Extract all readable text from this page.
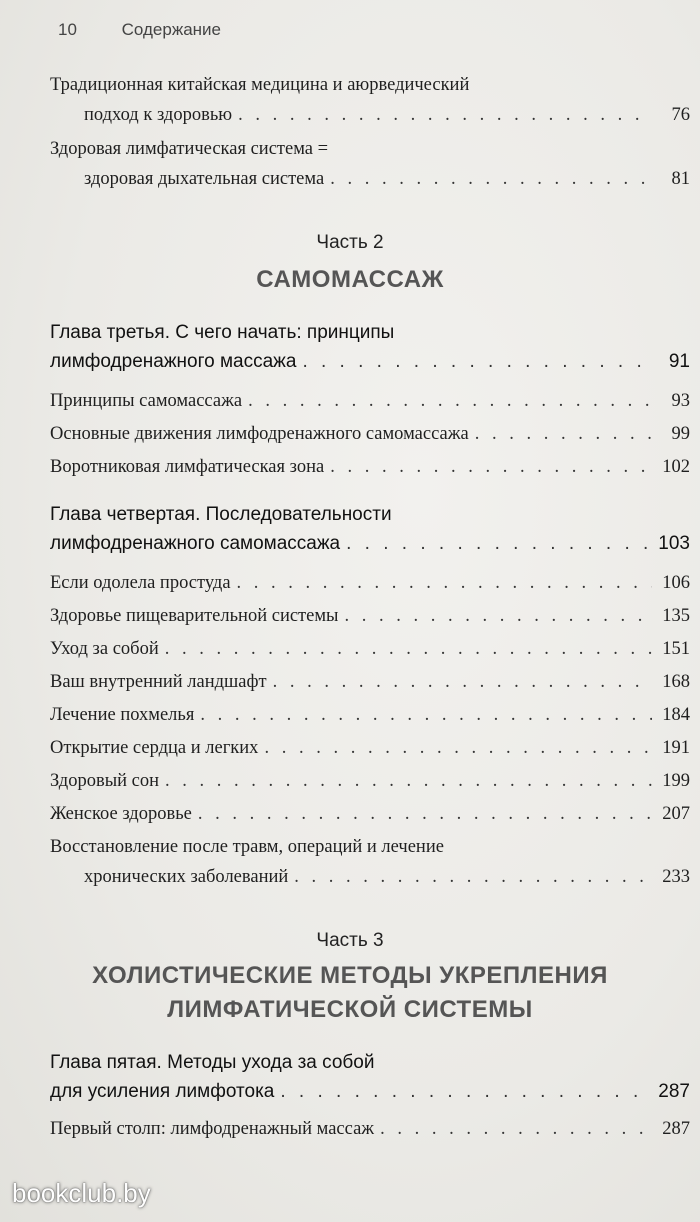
10	Содержание
Традиционная китайская медицина и аюрведический
подход к здоровью . . .	76
Здоровая лимфатическая система =
здоровая дыхательная система . . .	81
Часть 2
САМОМАССАЖ
Глава третья. С чего начать: принципы
лимфодренажного массажа . . .	91
Принципы самомассажа . . .	93
Основные движения лимфодренажного самомассажа . . .	99
Воротниковая лимфатическая зона . . .	102
Глава четвертая. Последовательности
лимфодренажного самомассажа . . .	103
Если одолела простуда . . .	106
Здоровье пищеварительной системы . . .	135
Уход за собой . . .	151
Ваш внутренний ландшафт . . .	168
Лечение похмелья . . .	184
Открытие сердца и легких . . .	191
Здоровый сон . . .	199
Женское здоровье . . .	207
Восстановление после травм, операций и лечение
хронических заболеваний . . .	233
Часть 3
ХОЛИСТИЧЕСКИЕ МЕТОДЫ УКРЕПЛЕНИЯ
ЛИМФАТИЧЕСКОЙ СИСТЕМЫ
Глава пятая. Методы ухода за собой
для усиления лимфотока . . .	287
Первый столп: лимфодренажный массаж . . .	287
bookclub.by
